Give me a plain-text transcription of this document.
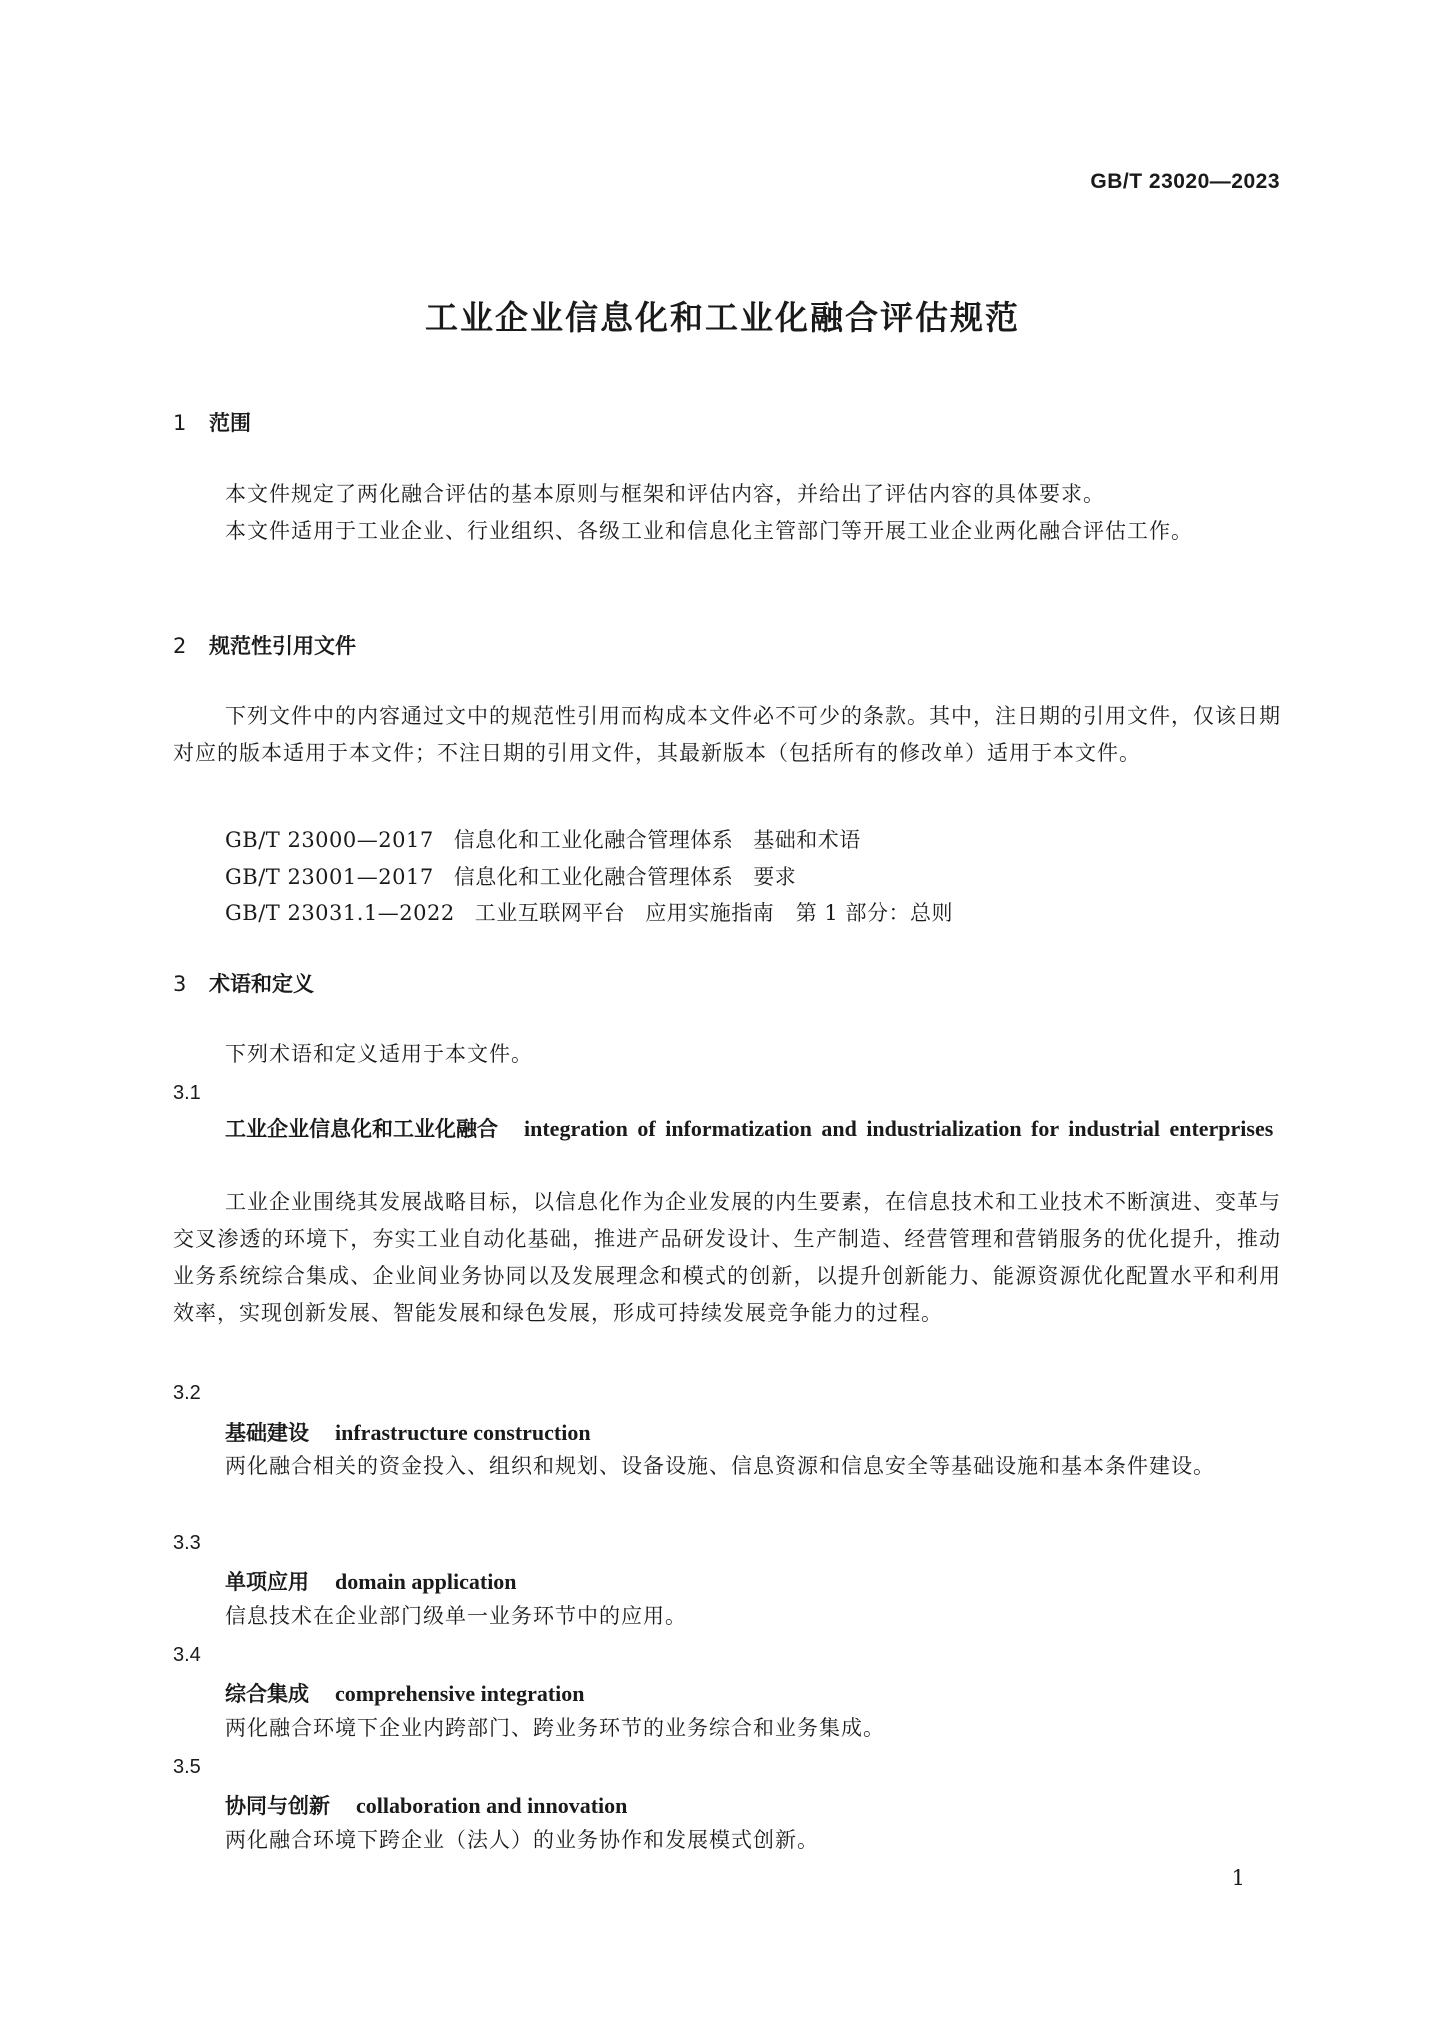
GB/T 23020—2023
工业企业信息化和工业化融合评估规范
1 范围

本文件规定了两化融合评估的基本原则与框架和评估内容，并给出了评估内容的具体要求。

本文件适用于工业企业、行业组织、各级工业和信息化主管部门等开展工业企业两化融合评估工作。

2 规范性引用文件

下列文件中的内容通过文中的规范性引用而构成本文件必不可少的条款。其中，注日期的引用文件，仅该日期对应的版本适用于本文件；不注日期的引用文件，其最新版本（包括所有的修改单）适用于本文件。

GB/T 23000—2017 信息化和工业化融合管理体系 基础和术语
GB/T 23001—2017 信息化和工业化融合管理体系 要求
GB/T 23031.1—2022 工业互联网平台 应用实施指南　第 1 部分：总则
3 术语和定义

下列术语和定义适用于本文件。

3.1

工业企业信息化和工业化融合 integration of informatization and industrialization for industrial enterprises

工业企业围绕其发展战略目标，以信息化作为企业发展的内生要素，在信息技术和工业技术不断演进、变革与交叉渗透的环境下，夯实工业自动化基础，推进产品研发设计、生产制造、经营管理和营销服务的优化提升，推动业务系统综合集成、企业间业务协同以及发展理念和模式的创新，以提升创新能力、能源资源优化配置水平和利用效率，实现创新发展、智能发展和绿色发展，形成可持续发展竞争能力的过程。

3.2
基础建设 infrastructure construction

两化融合相关的资金投入、组织和规划、设备设施、信息资源和信息安全等基础设施和基本条件建设。

3.3
单项应用 domain application

信息技术在企业部门级单一业务环节中的应用。

3.4
综合集成 comprehensive integration

两化融合环境下企业内跨部门、跨业务环节的业务综合和业务集成。

3.5
协同与创新 collaboration and innovation

两化融合环境下跨企业（法人）的业务协作和发展模式创新。

1
